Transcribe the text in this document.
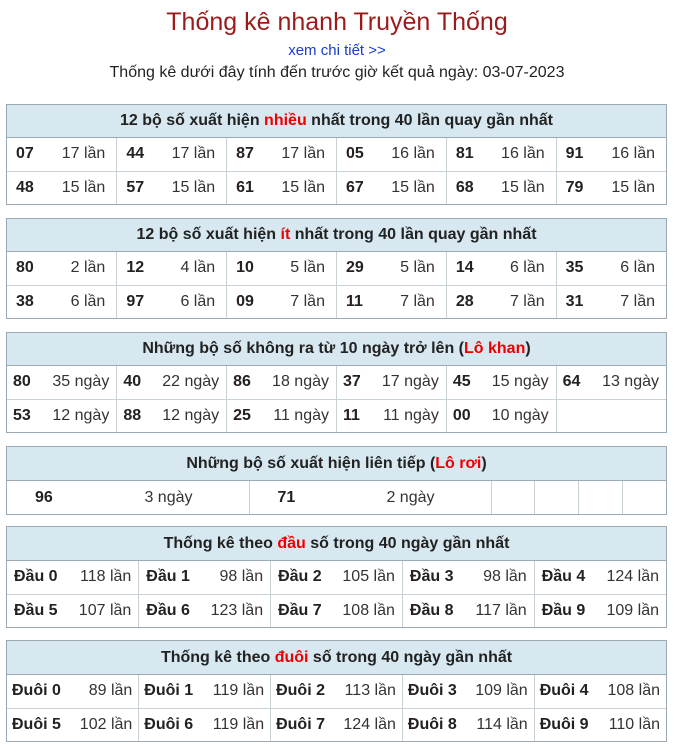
Thống kê nhanh Truyền Thống
xem chi tiết >>
Thống kê dưới đây tính đến trước giờ kết quả ngày: 03-07-2023
12 bộ số xuất hiện nhiều nhất trong 40 lần quay gần nhất
07 17 lần	44 17 lần	87 17 lần	05 16 lần	81 16 lần	91 16 lần

48 15 lần	57 15 lần	61 15 lần	67 15 lần	68 15 lần	79 15 lần
12 bộ số xuất hiện ít nhất trong 40 lần quay gần nhất
80 2 lần	12 4 lần	10 5 lần	29 5 lần	14 6 lần	35 6 lần

38 6 lần	97 6 lần	09 7 lần	11 7 lần	28 7 lần	31 7 lần
Những bộ số không ra từ 10 ngày trở lên (Lô khan)
80 35 ngày	40 22 ngày	86 18 ngày	37 17 ngày	45 15 ngày	64 13 ngày

53 12 ngày	88 12 ngày	25 11 ngày	11 11 ngày	00 10 ngày	

Những bộ số xuất hiện liên tiếp (Lô rơi)
96	3 ngày	71	2 ngày

Thống kê theo đầu số trong 40 ngày gần nhất
Đầu 0 118 lần	Đầu 1 98 lần	Đầu 2 105 lần	Đầu 3 98 lần	Đầu 4 124 lần

Đầu 5 107 lần	Đầu 6 123 lần	Đầu 7 108 lần	Đầu 8 117 lần	Đầu 9 109 lần
Thống kê theo đuôi số trong 40 ngày gần nhất
Đuôi 0 89 lần	Đuôi 1 119 lần	Đuôi 2 113 lần	Đuôi 3 109 lần	Đuôi 4 108 lần

Đuôi 5 102 lần	Đuôi 6 119 lần	Đuôi 7 124 lần	Đuôi 8 114 lần	Đuôi 9 110 lần
